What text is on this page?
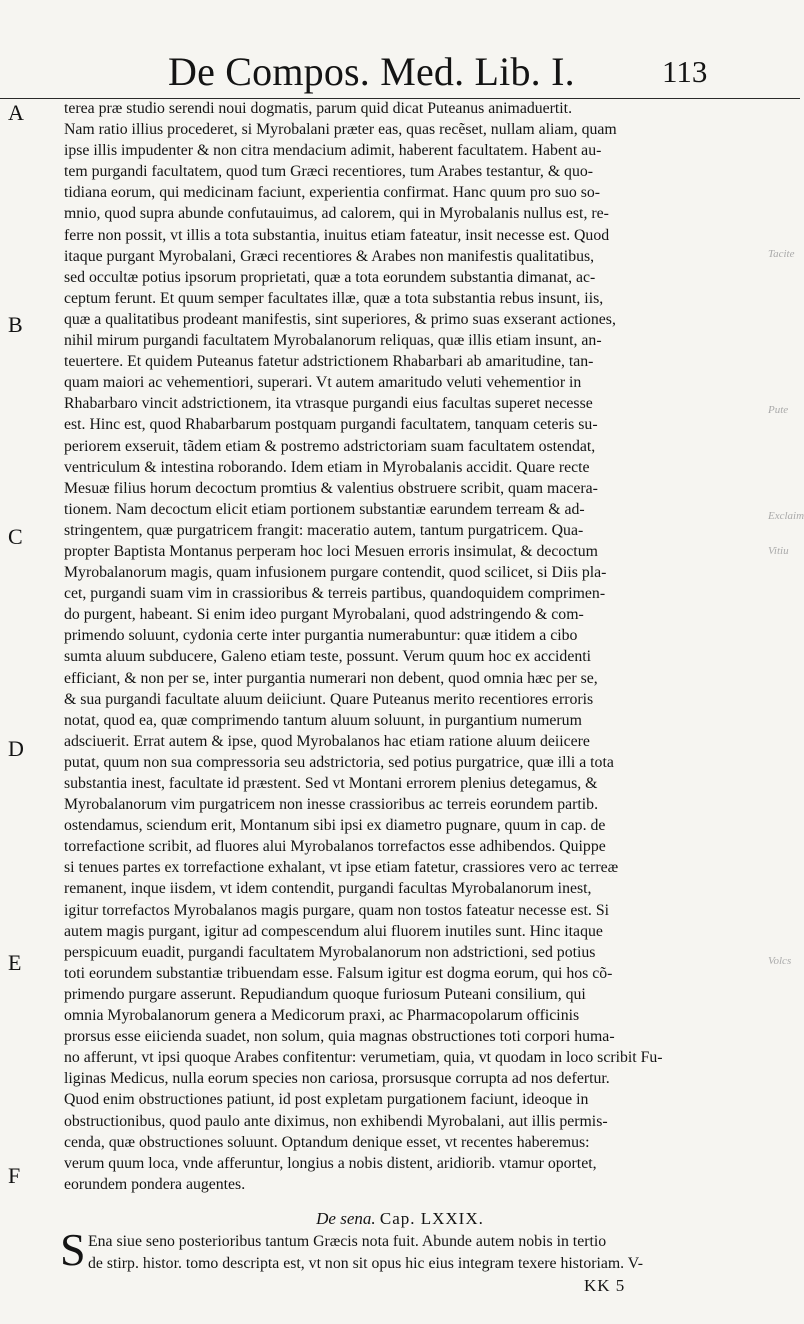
De Compos. Med. Lib. I.	113
A
B
C
D
E
F
Tacite
Pute
Exclaim
Vitiu
Volcs
terea præ studio serendi noui dogmatis, parum quid dicat Puteanus animaduertit.
Nam ratio illius procederet, si Myrobalani præter eas, quas recẽset, nullam aliam, quam
ipse illis impudenter & non citra mendacium adimit, haberent facultatem. Habent au-
tem purgandi facultatem, quod tum Græci recentiores, tum Arabes testantur, & quo-
tidiana eorum, qui medicinam faciunt, experientia confirmat. Hanc quum pro suo so-
mnio, quod supra abunde confutauimus, ad calorem, qui in Myrobalanis nullus est, re-
ferre non possit, vt illis a tota substantia, inuitus etiam fateatur, insit necesse est. Quod
itaque purgant Myrobalani, Græci recentiores & Arabes non manifestis qualitatibus,
sed occultæ potius ipsorum proprietati, quæ a tota eorundem substantia dimanat, ac-
ceptum ferunt. Et quum semper facultates illæ, quæ a tota substantia rebus insunt, iis,
quæ a qualitatibus prodeant manifestis, sint superiores, & primo suas exserant actiones,
nihil mirum purgandi facultatem Myrobalanorum reliquas, quæ illis etiam insunt, an-
teuertere. Et quidem Puteanus fatetur adstrictionem Rhabarbari ab amaritudine, tan-
quam maiori ac vehementiori, superari. Vt autem amaritudo veluti vehementior in
Rhabarbaro vincit adstrictionem, ita vtrasque purgandi eius facultas superet necesse
est. Hinc est, quod Rhabarbarum postquam purgandi facultatem, tanquam ceteris su-
periorem exseruit, tãdem etiam & postremo adstrictoriam suam facultatem ostendat,
ventriculum & intestina roborando. Idem etiam in Myrobalanis accidit. Quare recte
Mesuæ filius horum decoctum promtius & valentius obstruere scribit, quam macera-
tionem. Nam decoctum elicit etiam portionem substantiæ earundem terream & ad-
stringentem, quæ purgatricem frangit: maceratio autem, tantum purgatricem. Qua-
propter Baptista Montanus perperam hoc loci Mesuen erroris insimulat, & decoctum
Myrobalanorum magis, quam infusionem purgare contendit, quod scilicet, si Diis pla-
cet, purgandi suam vim in crassioribus & terreis partibus, quandoquidem comprimen-
do purgent, habeant. Si enim ideo purgant Myrobalani, quod adstringendo & com-
primendo soluunt, cydonia certe inter purgantia numerabuntur: quæ itidem a cibo
sumta aluum subducere, Galeno etiam teste, possunt. Verum quum hoc ex accidenti
efficiant, & non per se, inter purgantia numerari non debent, quod omnia hæc per se,
& sua purgandi facultate aluum deiiciunt. Quare Puteanus merito recentiores erroris
notat, quod ea, quæ comprimendo tantum aluum soluunt, in purgantium numerum
adsciuerit. Errat autem & ipse, quod Myrobalanos hac etiam ratione aluum deiicere
putat, quum non sua compressoria seu adstrictoria, sed potius purgatrice, quæ illi a tota
substantia inest, facultate id præstent. Sed vt Montani errorem plenius detegamus, &
Myrobalanorum vim purgatricem non inesse crassioribus ac terreis eorundem partib.
ostendamus, sciendum erit, Montanum sibi ipsi ex diametro pugnare, quum in cap. de
torrefactione scribit, ad fluores alui Myrobalanos torrefactos esse adhibendos. Quippe
si tenues partes ex torrefactione exhalant, vt ipse etiam fatetur, crassiores vero ac terreæ
remanent, inque iisdem, vt idem contendit, purgandi facultas Myrobalanorum inest,
igitur torrefactos Myrobalanos magis purgare, quam non tostos fateatur necesse est. Si
autem magis purgant, igitur ad compescendum alui fluorem inutiles sunt. Hinc itaque
perspicuum euadit, purgandi facultatem Myrobalanorum non adstrictioni, sed potius
toti eorundem substantiæ tribuendam esse. Falsum igitur est dogma eorum, qui hos cõ-
primendo purgare asserunt. Repudiandum quoque furiosum Puteani consilium, qui
omnia Myrobalanorum genera a Medicorum praxi, ac Pharmacopolarum officinis
prorsus esse eiicienda suadet, non solum, quia magnas obstructiones toti corpori huma-
no afferunt, vt ipsi quoque Arabes confitentur: verumetiam, quia, vt quodam in loco scribit Fu-
liginas Medicus, nulla eorum species non cariosa, prorsusque corrupta ad nos defertur.
Quod enim obstructiones patiunt, id post expletam purgationem faciunt, ideoque in
obstructionibus, quod paulo ante diximus, non exhibendi Myrobalani, aut illis permis-
cenda, quæ obstructiones soluunt. Optandum denique esset, vt recentes haberemus:
verum quum loca, vnde afferuntur, longius a nobis distent, aridiorib. vtamur oportet,
eorundem pondera augentes.
De sena. Cap. LXXIX.
S Ena siue seno posterioribus tantum Græcis nota fuit. Abunde autem nobis in tertio
de stirp. histor. tomo descripta est, vt non sit opus hic eius integram texere historiam. V-
KK 5
